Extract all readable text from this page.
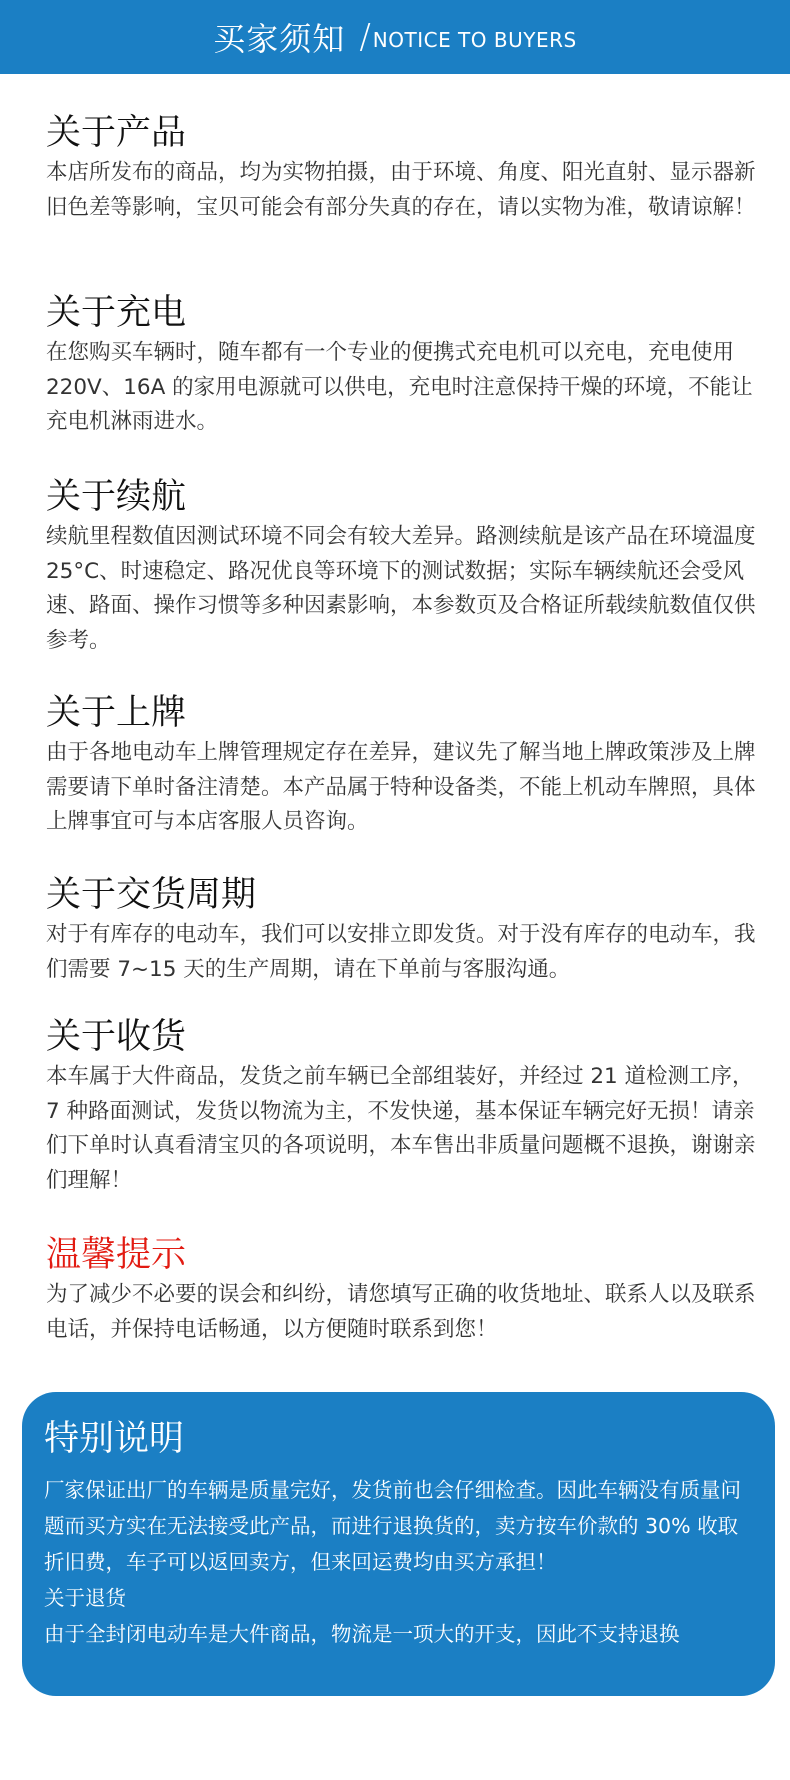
买家须知 / NOTICE TO BUYERS
关于产品

本店所发布的商品，均为实物拍摄，由于环境、角度、阳光直射、显示器新旧色差等影响，宝贝可能会有部分失真的存在，请以实物为准，敬请谅解！

关于充电

在您购买车辆时，随车都有一个专业的便携式充电机可以充电，充电使用 220V、16A 的家用电源就可以供电，充电时注意保持干燥的环境，不能让充电机淋雨进水。

关于续航

续航里程数值因测试环境不同会有较大差异。路测续航是该产品在环境温度 25°C、时速稳定、路况优良等环境下的测试数据；实际车辆续航还会受风速、路面、操作习惯等多种因素影响，本参数页及合格证所载续航数值仅供参考。

关于上牌

由于各地电动车上牌管理规定存在差异，建议先了解当地上牌政策涉及上牌需要请下单时备注清楚。本产品属于特种设备类，不能上机动车牌照，具体上牌事宜可与本店客服人员咨询。

关于交货周期

对于有库存的电动车，我们可以安排立即发货。对于没有库存的电动车，我们需要 7~15 天的生产周期，请在下单前与客服沟通。

关于收货

本车属于大件商品，发货之前车辆已全部组装好，并经过 21 道检测工序，7 种路面测试，发货以物流为主，不发快递，基本保证车辆完好无损！请亲们下单时认真看清宝贝的各项说明，本车售出非质量问题概不退换，谢谢亲们理解！

温馨提示

为了减少不必要的误会和纠纷，请您填写正确的收货地址、联系人以及联系电话，并保持电话畅通，以方便随时联系到您！

特别说明

厂家保证出厂的车辆是质量完好，发货前也会仔细检查。因此车辆没有质量问题而买方实在无法接受此产品，而进行退换货的，卖方按车价款的 30% 收取折旧费，车子可以返回卖方，但来回运费均由买方承担！

关于退货

由于全封闭电动车是大件商品，物流是一项大的开支，因此不支持退换
